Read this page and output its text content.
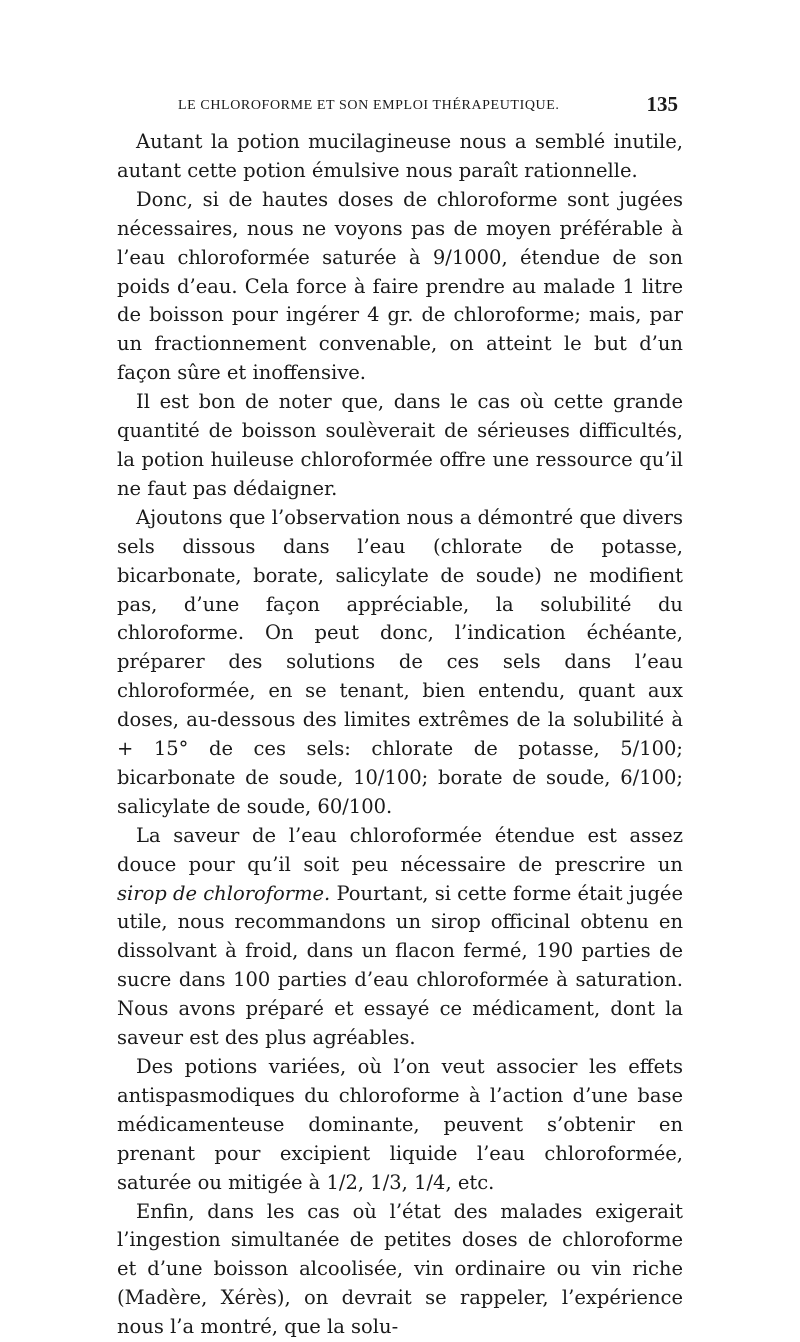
LE CHLOROFORME ET SON EMPLOI THÉRAPEUTIQUE.	135

Autant la potion mucilagineuse nous a semblé inutile, autant cette potion émulsive nous paraît rationnelle.

Donc, si de hautes doses de chloroforme sont jugées nécessaires, nous ne voyons pas de moyen préférable à l’eau chloroformée saturée à 9/1000, étendue de son poids d’eau. Cela force à faire prendre au malade 1 litre de boisson pour ingérer 4 gr. de chloroforme; mais, par un fractionnement convenable, on atteint le but d’un façon sûre et inoffensive.

Il est bon de noter que, dans le cas où cette grande quantité de boisson soulèverait de sérieuses difficultés, la potion huileuse chloroformée offre une ressource qu’il ne faut pas dédaigner.

Ajoutons que l’observation nous a démontré que divers sels dissous dans l’eau (chlorate de potasse, bicarbonate, borate, salicylate de soude) ne modifient pas, d’une façon appréciable, la solubilité du chloroforme. On peut donc, l’indication échéante, préparer des solutions de ces sels dans l’eau chloroformée, en se tenant, bien entendu, quant aux doses, au-dessous des limites extrêmes de la solubilité à + 15° de ces sels: chlorate de potasse, 5/100; bicarbonate de soude, 10/100; borate de soude, 6/100; salicylate de soude, 60/100.

La saveur de l’eau chloroformée étendue est assez douce pour qu’il soit peu nécessaire de prescrire un sirop de chloroforme. Pourtant, si cette forme était jugée utile, nous recommandons un sirop officinal obtenu en dissolvant à froid, dans un flacon fermé, 190 parties de sucre dans 100 parties d’eau chloroformée à saturation. Nous avons préparé et essayé ce médicament, dont la saveur est des plus agréables.

Des potions variées, où l’on veut associer les effets antispasmodiques du chloroforme à l’action d’une base médicamenteuse dominante, peuvent s’obtenir en prenant pour excipient liquide l’eau chloroformée, saturée ou mitigée à 1/2, 1/3, 1/4, etc.

Enfin, dans les cas où l’état des malades exigerait l’ingestion simultanée de petites doses de chloroforme et d’une boisson alcoolisée, vin ordinaire ou vin riche (Madère, Xérès), on devrait se rappeler, l’expérience nous l’a montré, que la solu-
